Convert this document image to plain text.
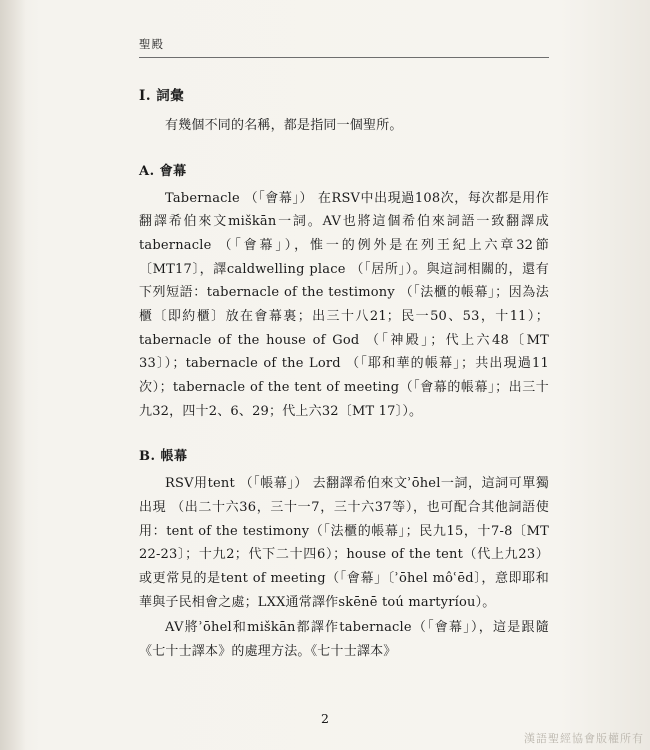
聖殿
I. 詞彙

有幾個不同的名稱，都是指同一個聖所。

A. 會幕

Tabernacle （「會幕」） 在RSV中出現過108次，每次都是用作翻譯希伯來文miškān一詞。AV也將這個希伯來詞語一致翻譯成tabernacle （「會幕」），惟一的例外是在列王紀上六章32節〔MT17〕，譯caldwelling place （「居所」）。與這詞相關的，還有下列短語：tabernacle of the testimony （「法櫃的帳幕」；因為法櫃〔即約櫃〕放在會幕裏；出三十八21；民一50、53，十11）；tabernacle of the house of God （「神殿」；代上六48〔MT 33〕）；tabernacle of the Lord （「耶和華的帳幕」；共出現過11次）；tabernacle of the tent of meeting（「會幕的帳幕」；出三十九32，四十2、6、29；代上六32〔MT 17〕）。

B. 帳幕

RSV用tent （「帳幕」） 去翻譯希伯來文ʾōhel一詞，這詞可單獨出現 （出二十六36，三十一7，三十六37等），也可配合其他詞語使用：tent of the testimony（「法櫃的帳幕」；民九15，十7-8〔MT 22-23〕；十九2；代下二十四6）；house of the tent（代上九23）或更常見的是tent of meeting（「會幕」〔ʾōhel môʿēd〕，意即耶和華與子民相會之處；LXX通常譯作skēnē toú martyríou）。

AV將ʾōhel和miškān都譯作tabernacle（「會幕」），這是跟隨《七十士譯本》的處理方法。《七十士譯本》

2
漢語聖經協會版權所有
